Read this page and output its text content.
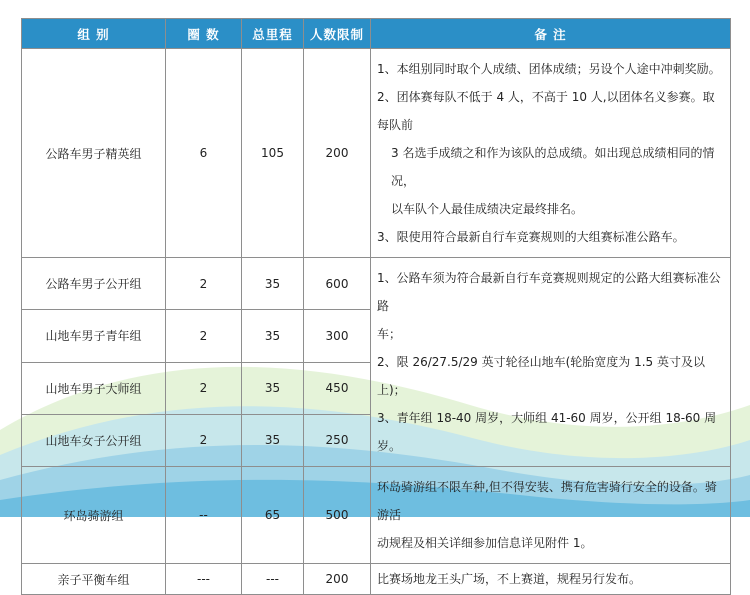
组 别	圈 数	总里程	人数限制	备 注
公路车男子精英组	6	105	200	1、本组别同时取个人成绩、团体成绩；另设个人途中冲刺奖励。

2、团体赛每队不低于 4 人，不高于 10 人,以团体名义参赛。取每队前

3 名选手成绩之和作为该队的总成绩。如出现总成绩相同的情况，

以车队个人最佳成绩决定最终排名。

3、限使用符合最新自行车竞赛规则的大组赛标准公路车。

公路车男子公开组	2	35	600	1、公路车须为符合最新自行车竞赛规则规定的公路大组赛标准公路

车；

2、限 26/27.5/29 英寸轮径山地车(轮胎宽度为 1.5 英寸及以上)；

3、青年组 18-40 周岁，大师组 41-60 周岁，公开组 18-60 周岁。

山地车男子青年组	2	35	300	
山地车男子大师组	2	35	450	
山地车女子公开组	2	35	250	
环岛骑游组	--	65	500	环岛骑游组不限车种,但不得安装、携有危害骑行安全的设备。骑游活

动规程及相关详细参加信息详见附件 1。

亲子平衡车组	---	---	200	比赛场地龙王头广场，不上赛道，规程另行发布。
